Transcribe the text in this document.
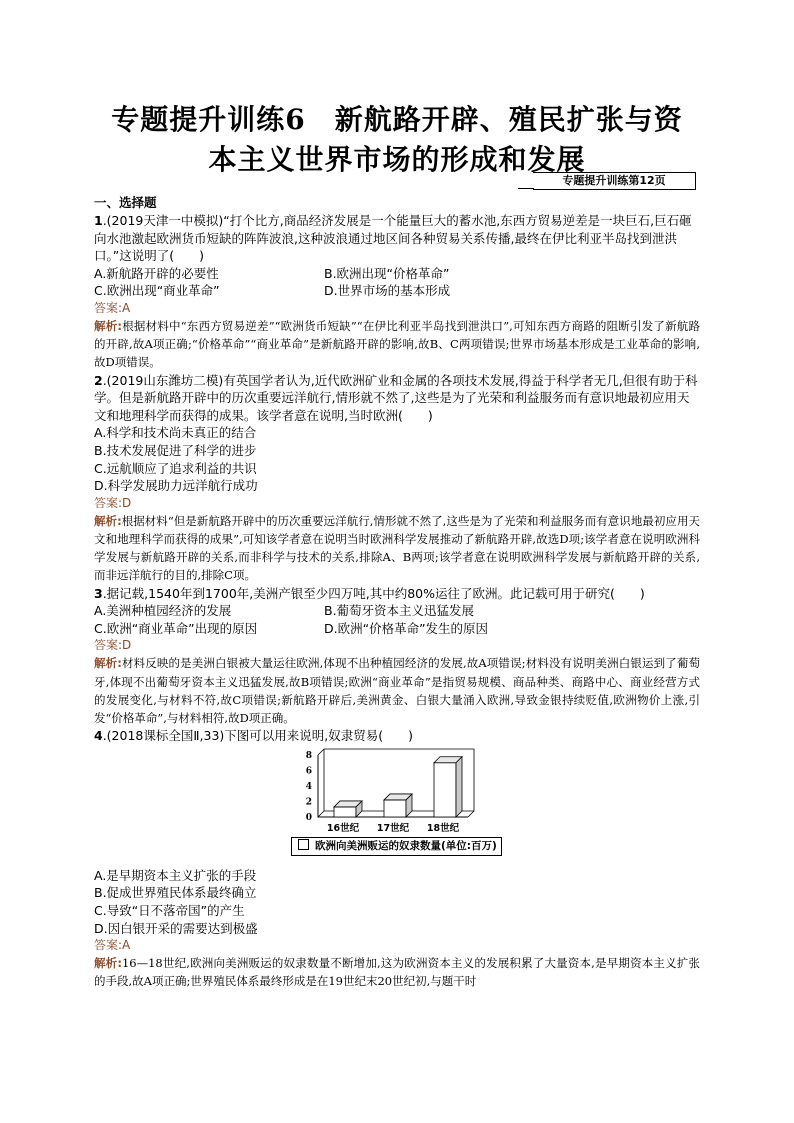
专题提升训练6　新航路开辟、殖民扩张与资
本主义世界市场的形成和发展
专题提升训练第12页
一、选择题

1.(2019天津一中模拟)“打个比方,商品经济发展是一个能量巨大的蓄水池,东西方贸易逆差是一块巨石,巨石砸向水池激起欧洲货币短缺的阵阵波浪,这种波浪通过地区间各种贸易关系传播,最终在伊比利亚半岛找到泄洪口。”这说明了(　　)

A.新航路开辟的必要性	B.欧洲出现“价格革命”
C.欧洲出现“商业革命”	D.世界市场的基本形成
答案:A

解析:根据材料中“东西方贸易逆差”“欧洲货币短缺”“在伊比利亚半岛找到泄洪口”,可知东西方商路的阻断引发了新航路的开辟,故A项正确;“价格革命”“商业革命”是新航路开辟的影响,故B、C两项错误;世界市场基本形成是工业革命的影响,故D项错误。

2.(2019山东潍坊二模)有英国学者认为,近代欧洲矿业和金属的各项技术发展,得益于科学者无几,但很有助于科学。但是新航路开辟中的历次重要远洋航行,情形就不然了,这些是为了光荣和利益服务而有意识地最初应用天文和地理科学而获得的成果。该学者意在说明,当时欧洲(　　)

A.科学和技术尚未真正的结合
B.技术发展促进了科学的进步
C.远航顺应了追求利益的共识
D.科学发展助力远洋航行成功
答案:D

解析:根据材料“但是新航路开辟中的历次重要远洋航行,情形就不然了,这些是为了光荣和利益服务而有意识地最初应用天文和地理科学而获得的成果”,可知该学者意在说明当时欧洲科学发展推动了新航路开辟,故选D项;该学者意在说明欧洲科学发展与新航路开辟的关系,而非科学与技术的关系,排除A、B两项;该学者意在说明欧洲科学发展与新航路开辟的关系,而非远洋航行的目的,排除C项。

3.据记载,1540年到1700年,美洲产银至少四万吨,其中约80%运往了欧洲。此记载可用于研究(　　)

A.美洲种植园经济的发展	B.葡萄牙资本主义迅猛发展
C.欧洲“商业革命”出现的原因	D.欧洲“价格革命”发生的原因
答案:D

解析:材料反映的是美洲白银被大量运往欧洲,体现不出种植园经济的发展,故A项错误;材料没有说明美洲白银运到了葡萄牙,体现不出葡萄牙资本主义迅猛发展,故B项错误;欧洲“商业革命”是指贸易规模、商品种类、商路中心、商业经营方式的发展变化,与材料不符,故C项错误;新航路开辟后,美洲黄金、白银大量涌入欧洲,导致金银持续贬值,欧洲物价上涨,引发“价格革命”,与材料相符,故D项正确。

4.(2018课标全国Ⅱ,33)下图可以用来说明,奴隶贸易(　　)

0
2
4
6
8
16世纪 17世纪 18世纪
欧洲向美洲贩运的奴隶数量(单位:百万)
A.是早期资本主义扩张的手段
B.促成世界殖民体系最终确立
C.导致“日不落帝国”的产生
D.因白银开采的需要达到极盛
答案:A

解析:16—18世纪,欧洲向美洲贩运的奴隶数量不断增加,这为欧洲资本主义的发展积累了大量资本,是早期资本主义扩张的手段,故A项正确;世界殖民体系最终形成是在19世纪末20世纪初,与题干时
